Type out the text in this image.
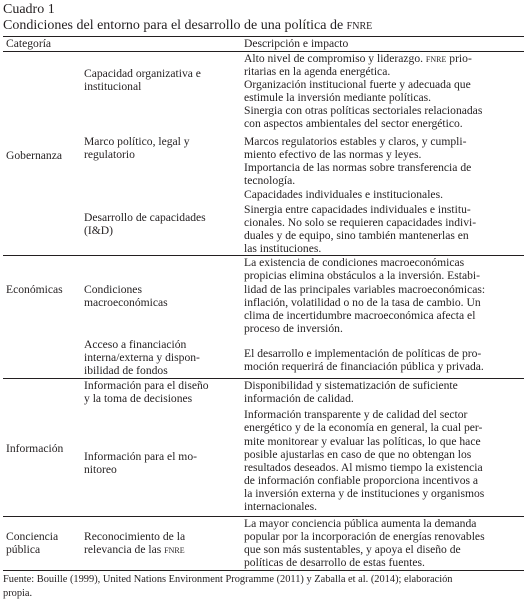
Cuadro 1
Condiciones del entorno para el desarrollo de una política de fnre
Categoría	Descripción e impacto
Gobernanza
Capacidad organizativa e
institucional
Alto nivel de compromiso y liderazgo. fnre prio-
ritarias en la agenda energética.
Organización institucional fuerte y adecuada que
estimule la inversión mediante políticas.
Sinergia con otras políticas sectoriales relacionadas
con aspectos ambientales del sector energético.
Marco político, legal y
regulatorio
Marcos regulatorios estables y claros, y cumpli-
miento efectivo de las normas y leyes.
Importancia de las normas sobre transferencia de
tecnología.
Desarrollo de capacidades
(I&D)
Capacidades individuales e institucionales.
Sinergia entre capacidades individuales e institu-
cionales. No solo se requieren capacidades indivi-
duales y de equipo, sino también mantenerlas en
las instituciones.
Económicas Condiciones
macroeconómicas
La existencia de condiciones macroeconómicas
propicias elimina obstáculos a la inversión. Estabi-
lidad de las principales variables macroeconómicas:
inflación, volatilidad o no de la tasa de cambio. Un
clima de incertidumbre macroeconómica afecta el
proceso de inversión.
Acceso a financiación
interna/externa y dispon-
ibilidad de fondos
El desarrollo e implementación de políticas de pro-
moción requerirá de financiación pública y privada.
Información
Información para el diseño
y la toma de decisiones
Disponibilidad y sistematización de suficiente
información de calidad.
Información para el mo-
nitoreo
Información transparente y de calidad del sector
energético y de la economía en general, la cual per-
mite monitorear y evaluar las políticas, lo que hace
posible ajustarlas en caso de que no obtengan los
resultados deseados. Al mismo tiempo la existencia
de información confiable proporciona incentivos a
la inversión externa y de instituciones y organismos
internacionales.
Conciencia
pública
Reconocimiento de la
relevancia de las fnre
La mayor conciencia pública aumenta la demanda
popular por la incorporación de energías renovables
que son más sustentables, y apoya el diseño de
políticas de desarrollo de estas fuentes.
Fuente: Bouille (1999), United Nations Environment Programme (2011) y Zaballa et al. (2014); elaboración
propia.
